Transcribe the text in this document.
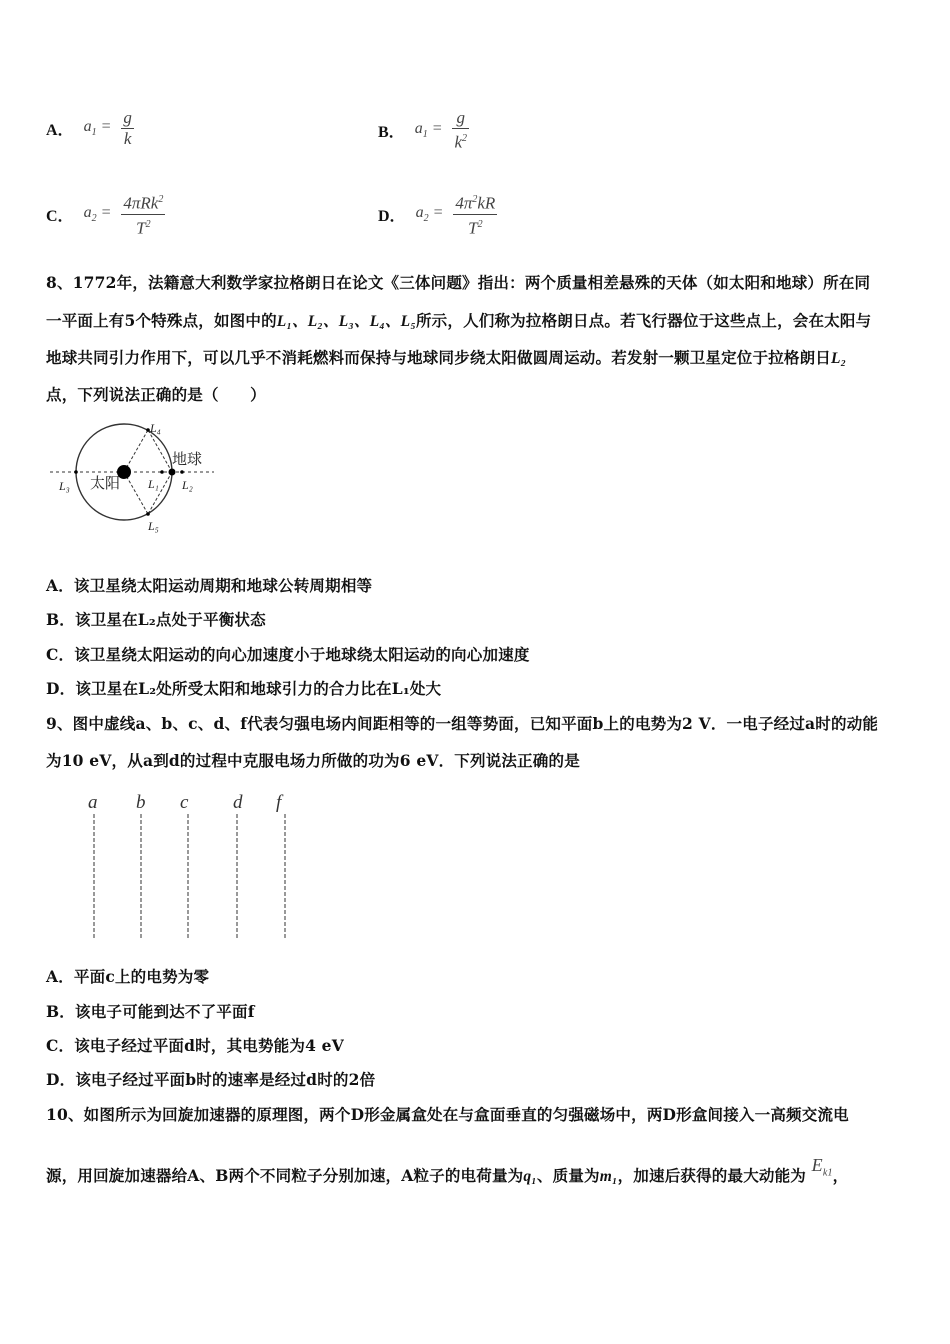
A． $a_1 = \frac{g}{k}$	B． $a_1 = \frac{g}{k^2}$
C． $a_2 = \frac{4\pi Rk^2}{T^2}$	D． $a_2 = \frac{4\pi^2kR}{T^2}$
8、1772年，法籍意大利数学家拉格朗日在论文《三体问题》指出：两个质量相差悬殊的天体（如太阳和地球）所在同
一平面上有5个特殊点，如图中的L₁、L₂、L₃、L₄、L₅所示，人们称为拉格朗日点。若飞行器位于这些点上，会在太阳与
地球共同引力作用下，可以几乎不消耗燃料而保持与地球同步绕太阳做圆周运动。若发射一颗卫星定位于拉格朗日L₂
点，下列说法正确的是（　　）
太阳
地球
L₁ L₂
L₃
L₄
L₅
A．该卫星绕太阳运动周期和地球公转周期相等
B．该卫星在L₂点处于平衡状态
C．该卫星绕太阳运动的向心加速度小于地球绕太阳运动的向心加速度
D．该卫星在L₂处所受太阳和地球引力的合力比在L₁处大
9、图中虚线a、b、c、d、f代表匀强电场内间距相等的一组等势面，已知平面b上的电势为2 V．一电子经过a时的动能
为10 eV，从a到d的过程中克服电场力所做的功为6 eV．下列说法正确的是
a b c d f
A．平面c上的电势为零
B．该电子可能到达不了平面f
C．该电子经过平面d时，其电势能为4 eV
D．该电子经过平面b时的速率是经过d时的2倍
10、如图所示为回旋加速器的原理图，两个D形金属盒处在与盒面垂直的匀强磁场中，两D形盒间接入一高频交流电
源，用回旋加速器给A、B两个不同粒子分别加速，A粒子的电荷量为q₁、质量为m₁，加速后获得的最大动能为 $E_{k1}$，
